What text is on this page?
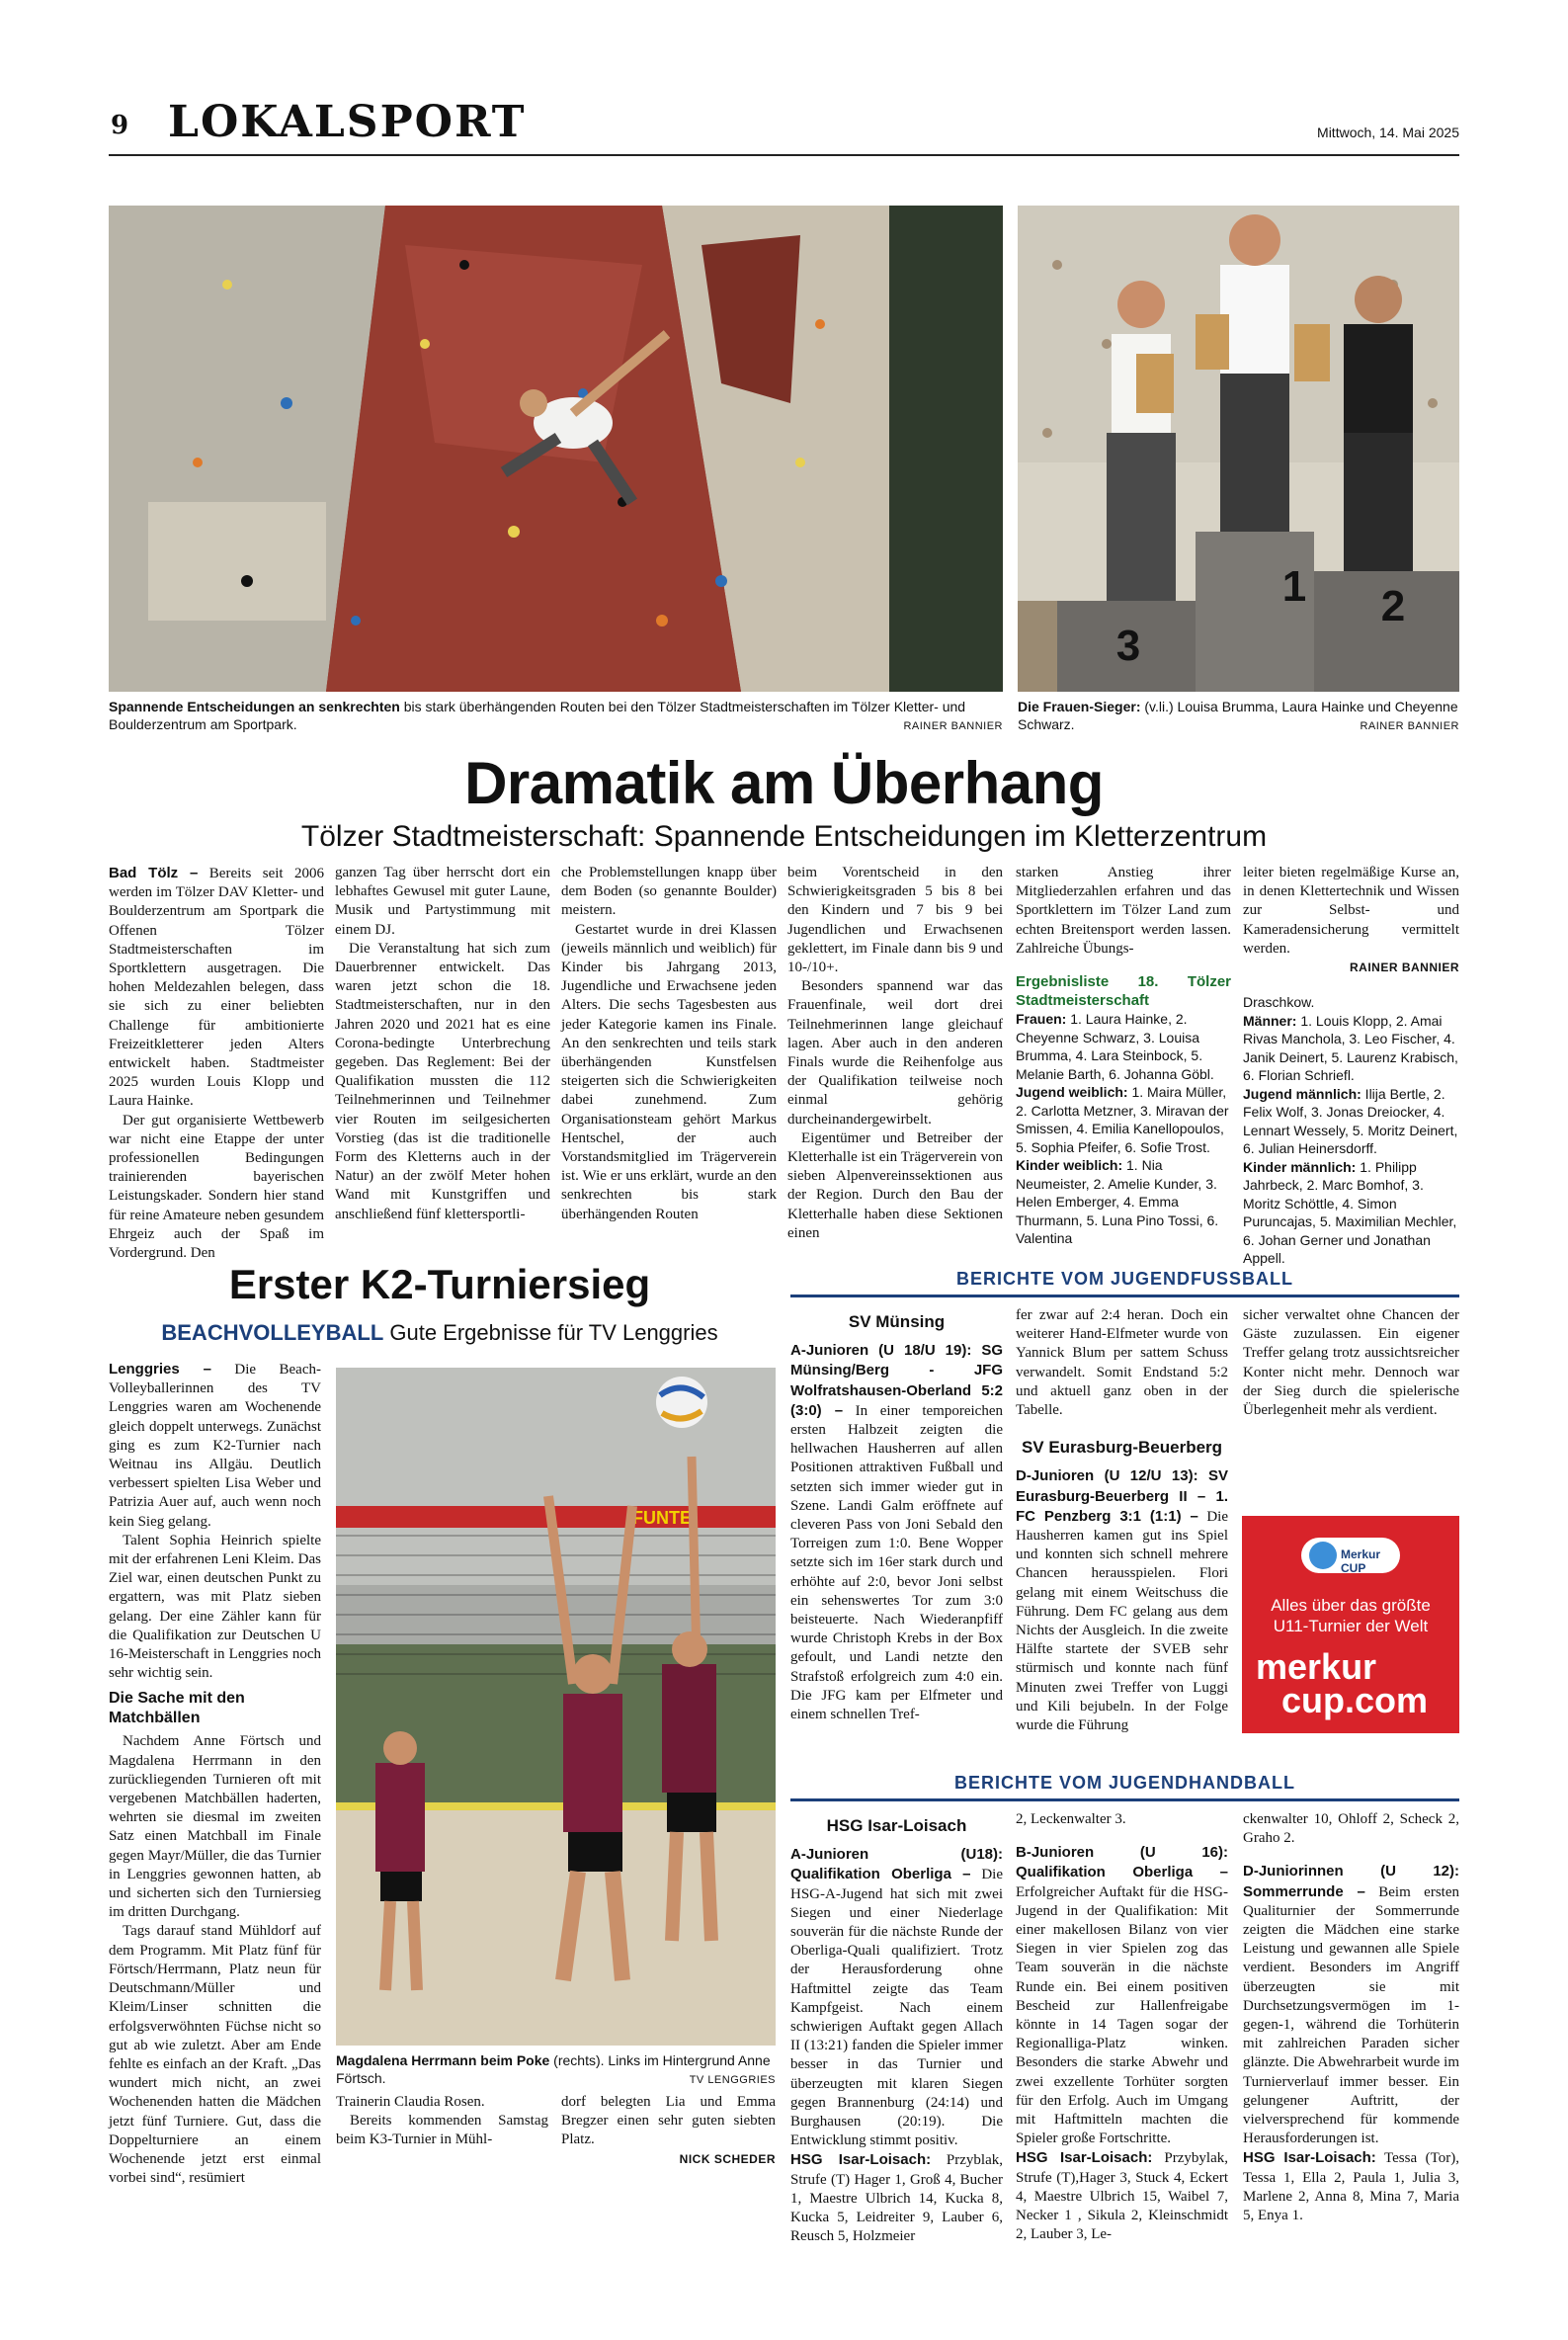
9 LOKALSPORT	Mittwoch, 14. Mai 2025
Spannende Entscheidungen an senkrechten bis stark überhängenden Routen bei den Tölzer Stadtmeisterschaften im Tölzer Kletter- und Boulderzentrum am Sportpark.	RAINER BANNIER
3
1 2
Die Frauen-Sieger: (v.li.) Louisa Brumma, Laura Hainke und Cheyenne Schwarz.	RAINER BANNIER
Dramatik am Überhang
Tölzer Stadtmeisterschaft: Spannende Entscheidungen im Kletterzentrum

Bad Tölz – Bereits seit 2006 werden im Tölzer DAV Kletter- und Boulderzentrum am Sportpark die Offenen Tölzer Stadtmeisterschaften im Sportklettern ausgetragen. Die hohen Meldezahlen belegen, dass sie sich zu einer beliebten Challenge für ambitionierte Freizeitkletterer jeden Alters entwickelt haben. Stadtmeister 2025 wurden Louis Klopp und Laura Hainke.

Der gut organisierte Wettbewerb war nicht eine Etappe der unter professionellen Bedingungen trainierenden bayerischen Leistungskader. Sondern hier stand für reine Amateure neben gesundem Ehrgeiz auch der Spaß im Vordergrund. Den

ganzen Tag über herrscht dort ein lebhaftes Gewusel mit guter Laune, Musik und Partystimmung mit einem DJ.

Die Veranstaltung hat sich zum Dauerbrenner entwickelt. Das waren jetzt schon die 18. Stadtmeisterschaften, nur in den Jahren 2020 und 2021 hat es eine Corona-bedingte Unterbrechung gegeben. Das Reglement: Bei der Qualifikation mussten die 112 Teilnehmerinnen und Teilnehmer vier Routen im seilgesicherten Vorstieg (das ist die traditionelle Form des Kletterns auch in der Natur) an der zwölf Meter hohen Wand mit Kunstgriffen und anschließend fünf klettersportli-

che Problemstellungen knapp über dem Boden (so genannte Boulder) meistern.

Gestartet wurde in drei Klassen (jeweils männlich und weiblich) für Kinder bis Jahrgang 2013, Jugendliche und Erwachsene jeden Alters. Die sechs Tagesbesten aus jeder Kategorie kamen ins Finale. An den senkrechten und teils stark überhängenden Kunstfelsen steigerten sich die Schwierigkeiten dabei zunehmend. Zum Organisationsteam gehört Markus Hentschel, der auch Vorstandsmitglied im Trägerverein ist. Wie er uns erklärt, wurde an den senkrechten bis stark überhängenden Routen

beim Vorentscheid in den Schwierigkeitsgraden 5 bis 8 bei den Kindern und 7 bis 9 bei Jugendlichen und Erwachsenen geklettert, im Finale dann bis 9 und 10-/10+.

Besonders spannend war das Frauenfinale, weil dort drei Teilnehmerinnen lange gleichauf lagen. Aber auch in den anderen Finals wurde die Reihenfolge aus der Qualifikation teilweise noch einmal gehörig durcheinandergewirbelt.

Eigentümer und Betreiber der Kletterhalle ist ein Trägerverein von sieben Alpenvereinssektionen aus der Region. Durch den Bau der Kletterhalle haben diese Sektionen einen

starken Anstieg ihrer Mitgliederzahlen erfahren und das Sportklettern im Tölzer Land zum echten Breitensport werden lassen. Zahlreiche Übungs-

Ergebnisliste 18. Tölzer Stadtmeisterschaft
Frauen: 1. Laura Hainke, 2. Cheyenne Schwarz, 3. Louisa Brumma, 4. Lara Steinbock, 5. Melanie Barth, 6. Johanna Göbl.
Jugend weiblich: 1. Maira Müller, 2. Carlotta Metzner, 3. Miravan der Smissen, 4. Emilia Kanellopoulos, 5. Sophia Pfeifer, 6. Sofie Trost.
Kinder weiblich: 1. Nia Neumeister, 2. Amelie Kunder, 3. Helen Emberger, 4. Emma Thurmann, 5. Luna Pino Tossi, 6. Valentina

leiter bieten regelmäßige Kurse an, in denen Klettertechnik und Wissen zur Selbst- und Kameradensicherung vermittelt werden.

RAINER BANNIER
Draschkow.
Männer: 1. Louis Klopp, 2. Amai Rivas Manchola, 3. Leo Fischer, 4. Janik Deinert, 5. Laurenz Krabisch, 6. Florian Schriefl.
Jugend männlich: Ilija Bertle, 2. Felix Wolf, 3. Jonas Dreiocker, 4. Lennart Wessely, 5. Moritz Deinert, 6. Julian Heinersdorff.
Kinder männlich: 1. Philipp Jahrbeck, 2. Marc Bomhof, 3. Moritz Schöttle, 4. Simon Puruncajas, 5. Maximilian Mechler, 6. Johan Gerner und Jonathan Appell.
Erster K2-Turniersieg
BEACHVOLLEYBALL Gute Ergebnisse für TV Lenggries

Lenggries – Die Beach-Volleyballerinnen des TV Lenggries waren am Wochenende gleich doppelt unterwegs. Zunächst ging es zum K2-Turnier nach Weitnau ins Allgäu. Deutlich verbessert spielten Lisa Weber und Patrizia Auer auf, auch wenn noch kein Sieg gelang.

Talent Sophia Heinrich spielte mit der erfahrenen Leni Kleim. Das Ziel war, einen deutschen Punkt zu ergattern, was mit Platz sieben gelang. Der eine Zähler kann für die Qualifikation zur Deutschen U 16-Meisterschaft in Lenggries noch sehr wichtig sein.

Die Sache mit den Matchbällen

Nachdem Anne Förtsch und Magdalena Herrmann in den zurückliegenden Turnieren oft mit vergebenen Matchbällen haderten, wehrten sie diesmal im zweiten Satz einen Matchball im Finale gegen Mayr/Müller, die das Turnier in Lenggries gewonnen hatten, ab und sicherten sich den Turniersieg im dritten Durchgang.

Tags darauf stand Mühldorf auf dem Programm. Mit Platz fünf für Förtsch/Herrmann, Platz neun für Deutschmann/Müller und Kleim/Linser schnitten die erfolgsverwöhnten Füchse nicht so gut ab wie zuletzt. Aber am Ende fehlte es einfach an der Kraft. „Das wundert mich nicht, an zwei Wochenenden hatten die Mädchen jetzt fünf Turniere. Gut, dass die Doppelturniere an einem Wochenende jetzt erst einmal vorbei sind“, resümiert

FUNTE
Magdalena Herrmann beim Poke (rechts). Links im Hintergrund Anne Förtsch.	TV LENGGRIES

Trainerin Claudia Rosen.

Bereits kommenden Samstag beim K3-Turnier in Mühl-

dorf belegten Lia und Emma Bregzer einen sehr guten siebten Platz.

NICK SCHEDER
BERICHTE VOM JUGENDFUSSBALL
SV Münsing

A-Junioren (U 18/U 19): SG Münsing/Berg - JFG Wolfratshausen-Oberland 5:2 (3:0) – In einer temporeichen ersten Halbzeit zeigten die hellwachen Hausherren auf allen Positionen attraktiven Fußball und setzten sich immer wieder gut in Szene. Landi Galm eröffnete auf cleveren Pass von Joni Sebald den Torreigen zum 1:0. Bene Wopper setzte sich im 16er stark durch und erhöhte auf 2:0, bevor Joni selbst ein sehenswertes Tor zum 3:0 beisteuerte. Nach Wiederanpfiff wurde Christoph Krebs in der Box gefoult, und Landi netzte den Strafstoß erfolgreich zum 4:0 ein. Die JFG kam per Elfmeter und einem schnellen Tref-

fer zwar auf 2:4 heran. Doch ein weiterer Hand-Elfmeter wurde von Yannick Blum per sattem Schuss verwandelt. Somit Endstand 5:2 und aktuell ganz oben in der Tabelle.

SV Eurasburg-Beuerberg

D-Junioren (U 12/U 13): SV Eurasburg-Beuerberg II – 1. FC Penzberg 3:1 (1:1) – Die Hausherren kamen gut ins Spiel und konnten sich schnell mehrere Chancen herausspielen. Flori gelang mit einem Weitschuss die Führung. Dem FC gelang aus dem Nichts der Ausgleich. In die zweite Hälfte startete der SVEB sehr stürmisch und konnte nach fünf Minuten zwei Treffer von Luggi und Kili bejubeln. In der Folge wurde die Führung

sicher verwaltet ohne Chancen der Gäste zuzulassen. Ein eigener Treffer gelang trotz aussichtsreicher Konter nicht mehr. Dennoch war der Sieg durch die spielerische Überlegenheit mehr als verdient.

Merkur CUP
Alles über das größte U11-Turnier der Welt
merkur
cup.com
BERICHTE VOM JUGENDHANDBALL
HSG Isar-Loisach

A-Junioren (U18): Qualifikation Oberliga – Die HSG-A-Jugend hat sich mit zwei Siegen und einer Niederlage souverän für die nächste Runde der Oberliga-Quali qualifiziert. Trotz der Herausforderung ohne Haftmittel zeigte das Team Kampfgeist. Nach einem schwierigen Auftakt gegen Allach II (13:21) fanden die Spieler immer besser in das Turnier und überzeugten mit klaren Siegen gegen Brannenburg (24:14) und Burghausen (20:19). Die Entwicklung stimmt positiv.

HSG Isar-Loisach: Przyblak, Strufe (T) Hager 1, Groß 4, Bucher 1, Maestre Ulbrich 14, Kucka 8, Kucka 5, Leidreiter 9, Lauber 6, Reusch 5, Holzmeier

2, Leckenwalter 3.

B-Junioren (U 16): Qualifikation Oberliga – Erfolgreicher Auftakt für die HSG-Jugend in der Qualifikation: Mit einer makellosen Bilanz von vier Siegen in vier Spielen zog das Team souverän in die nächste Runde ein. Bei einem positiven Bescheid zur Hallenfreigabe könnte in 14 Tagen sogar der Regionalliga-Platz winken. Besonders die starke Abwehr und zwei exzellente Torhüter sorgten für den Erfolg. Auch im Umgang mit Haftmitteln machten die Spieler große Fortschritte.

HSG Isar-Loisach: Przybylak, Strufe (T),Hager 3, Stuck 4, Eckert 4, Maestre Ulbrich 15, Waibel 7, Necker 1 , Sikula 2, Kleinschmidt 2, Lauber 3, Le-

ckenwalter 10, Ohloff 2, Scheck 2, Graho 2.

D-Juniorinnen (U 12): Sommerrunde – Beim ersten Qualiturnier der Sommerrunde zeigten die Mädchen eine starke Leistung und gewannen alle Spiele verdient. Besonders im Angriff überzeugten sie mit Durchsetzungsvermögen im 1-gegen-1, während die Torhüterin mit zahlreichen Paraden sicher glänzte. Die Abwehrarbeit wurde im Turnierverlauf immer besser. Ein gelungener Auftritt, der vielversprechend für kommende Herausforderungen ist.

HSG Isar-Loisach: Tessa (Tor), Tessa 1, Ella 2, Paula 1, Julia 3, Marlene 2, Anna 8, Mina 7, Maria 5, Enya 1.
